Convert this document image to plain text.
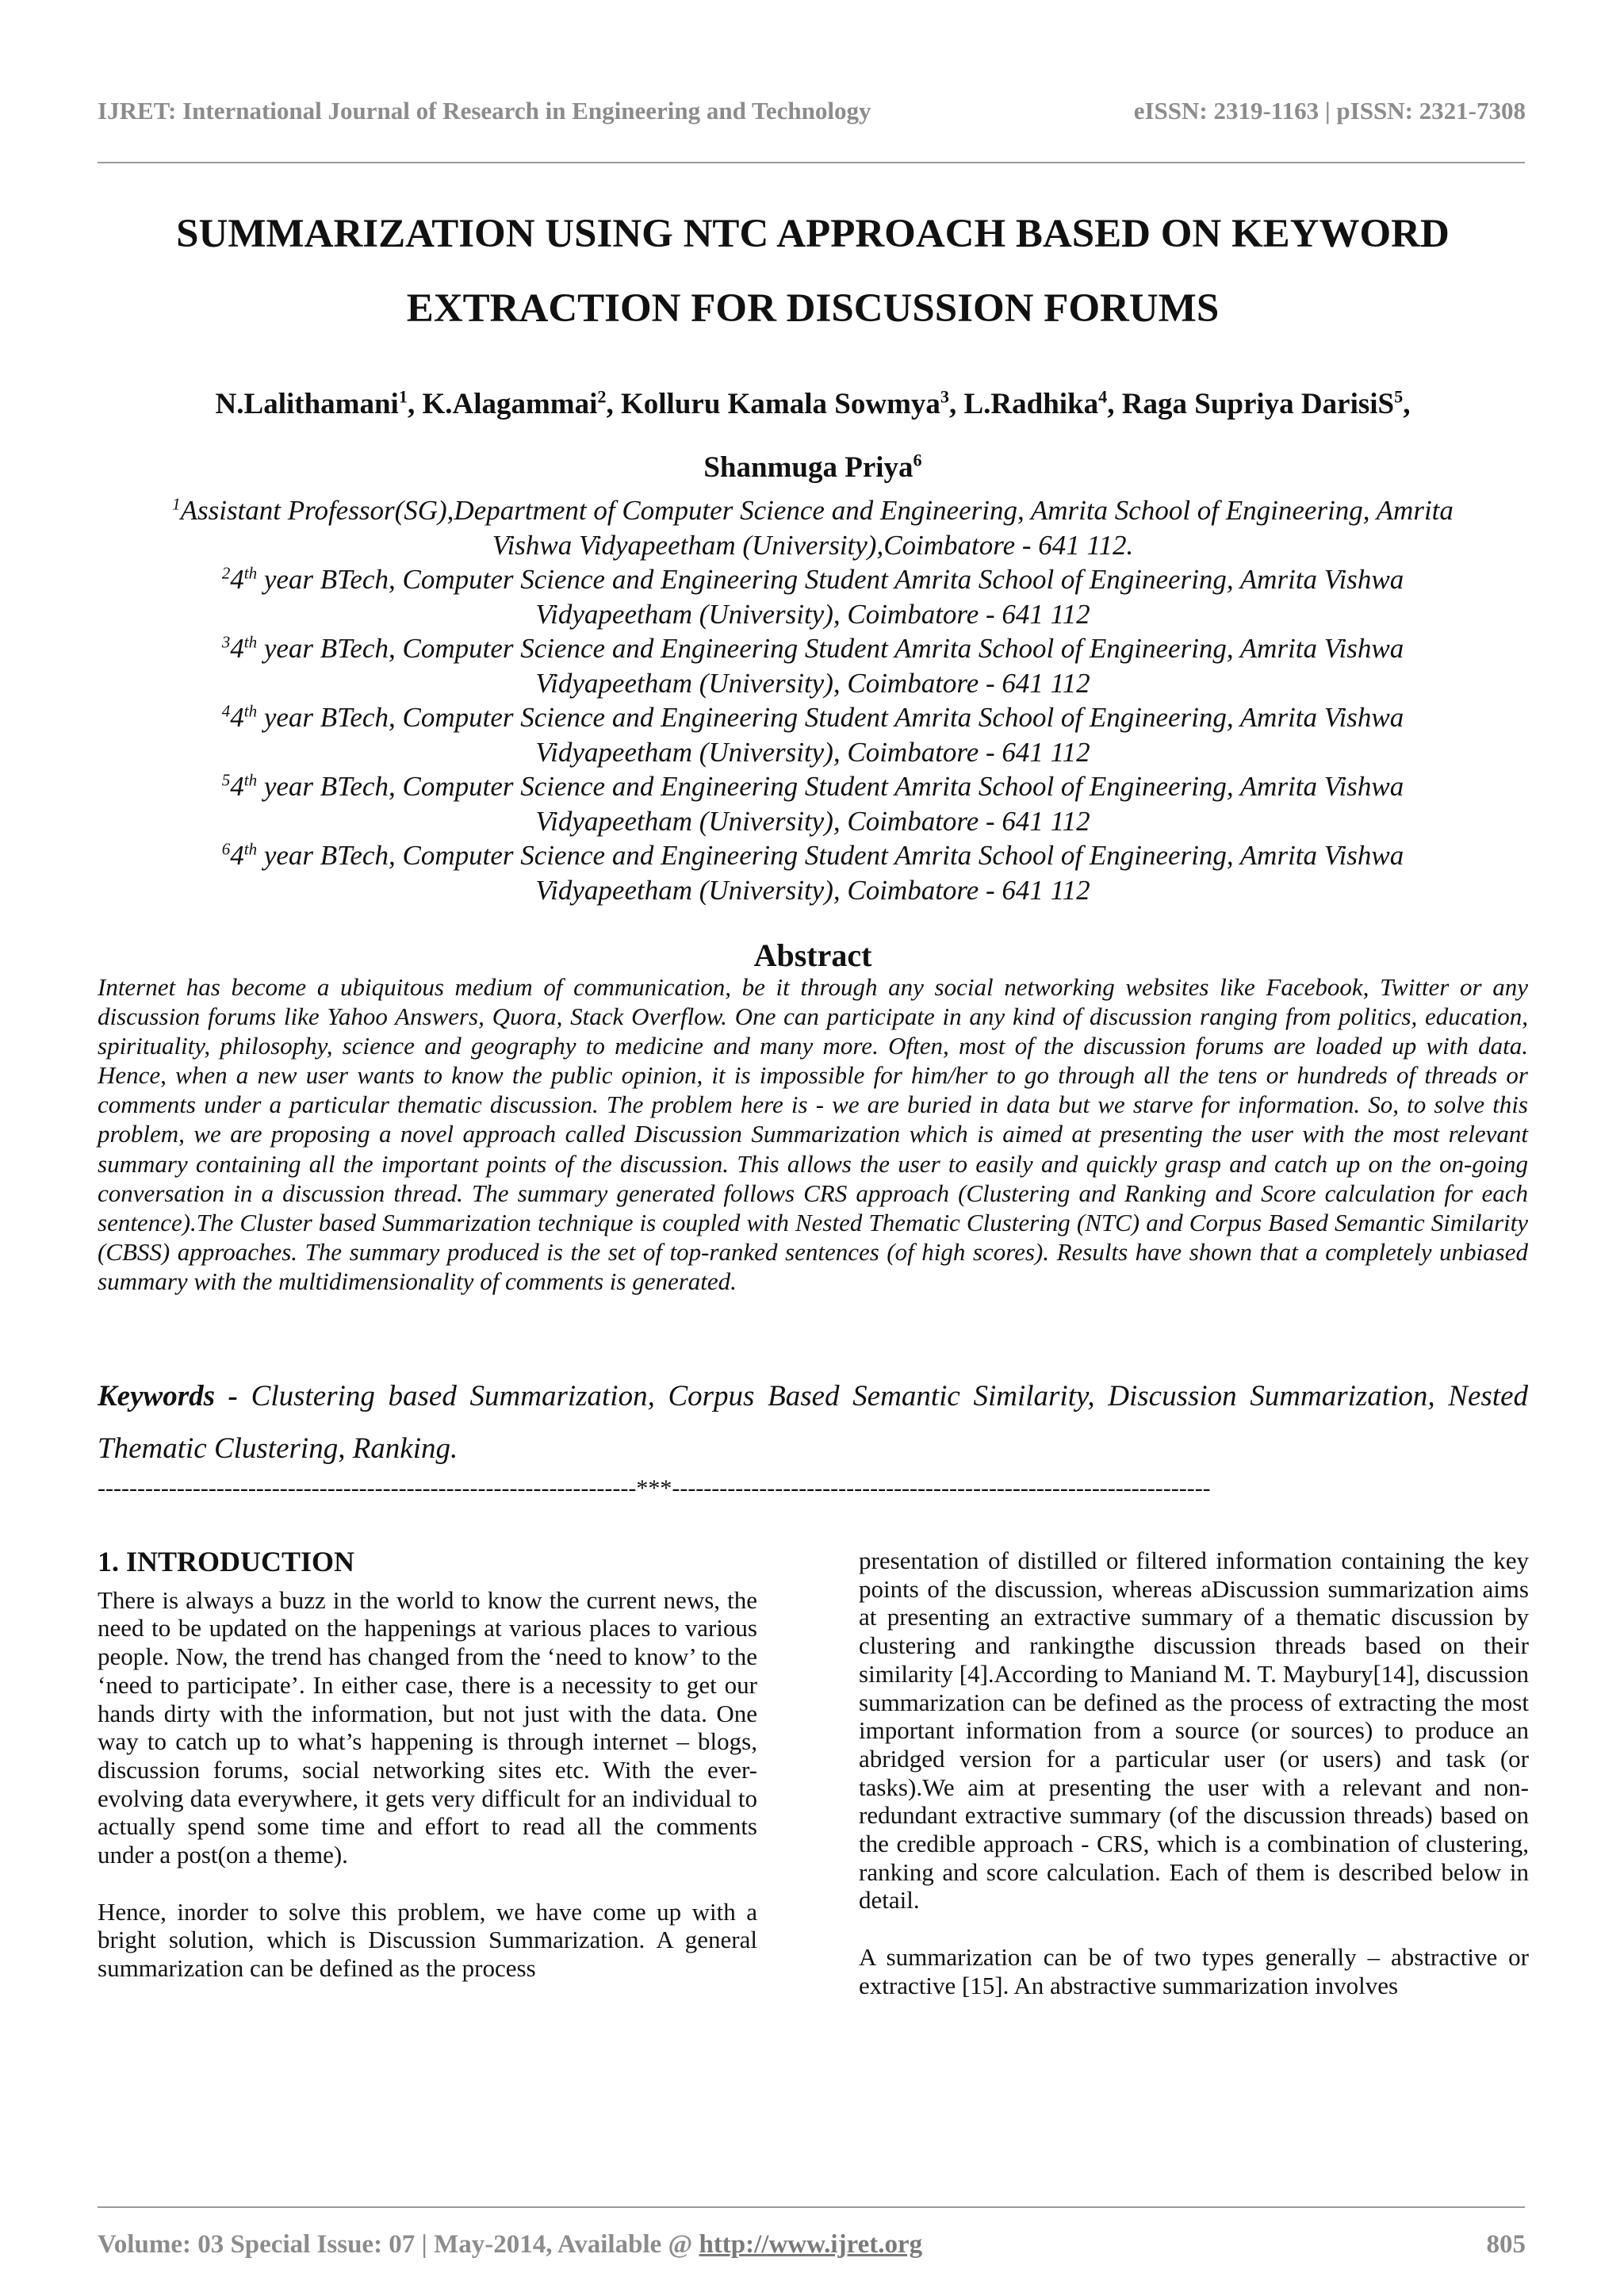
IJRET: International Journal of Research in Engineering and Technology	eISSN: 2319-1163 | pISSN: 2321-7308
SUMMARIZATION USING NTC APPROACH BASED ON KEYWORD
EXTRACTION FOR DISCUSSION FORUMS
N.Lalithamani$^1$, K.Alagammai$^2$, Kolluru Kamala Sowmya$^3$, L.Radhika$^4$, Raga Supriya DarisiS$^5$,
Shanmuga Priya$^6$
$^1$Assistant Professor(SG),Department of Computer Science and Engineering, Amrita School of Engineering, Amrita
Vishwa Vidyapeetham (University),Coimbatore - 641 112.
$^2$4th year BTech, Computer Science and Engineering Student Amrita School of Engineering, Amrita Vishwa
Vidyapeetham (University), Coimbatore - 641 112
$^3$4th year BTech, Computer Science and Engineering Student Amrita School of Engineering, Amrita Vishwa
Vidyapeetham (University), Coimbatore - 641 112
$^4$4th year BTech, Computer Science and Engineering Student Amrita School of Engineering, Amrita Vishwa
Vidyapeetham (University), Coimbatore - 641 112
$^5$4th year BTech, Computer Science and Engineering Student Amrita School of Engineering, Amrita Vishwa
Vidyapeetham (University), Coimbatore - 641 112
$^6$4th year BTech, Computer Science and Engineering Student Amrita School of Engineering, Amrita Vishwa
Vidyapeetham (University), Coimbatore - 641 112
Abstract
Internet has become a ubiquitous medium of communication, be it through any social networking websites like Facebook, Twitter or any discussion forums like Yahoo Answers, Quora, Stack Overflow. One can participate in any kind of discussion ranging from politics, education, spirituality, philosophy, science and geography to medicine and many more. Often, most of the discussion forums are loaded up with data. Hence, when a new user wants to know the public opinion, it is impossible for him/her to go through all the tens or hundreds of threads or comments under a particular thematic discussion. The problem here is - we are buried in data but we starve for information. So, to solve this problem, we are proposing a novel approach called Discussion Summarization which is aimed at presenting the user with the most relevant summary containing all the important points of the discussion. This allows the user to easily and quickly grasp and catch up on the on-going conversation in a discussion thread. The summary generated follows CRS approach (Clustering and Ranking and Score calculation for each sentence).The Cluster based Summarization technique is coupled with Nested Thematic Clustering (NTC) and Corpus Based Semantic Similarity (CBSS) approaches. The summary produced is the set of top-ranked sentences (of high scores). Results have shown that a completely unbiased summary with the multidimensionality of comments is generated.
Keywords - Clustering based Summarization, Corpus Based Semantic Similarity, Discussion Summarization, Nested Thematic Clustering, Ranking.
--------------------------------------------------------------------***--------------------------------------------------------------------
1. INTRODUCTION

There is always a buzz in the world to know the current news, the need to be updated on the happenings at various places to various people. Now, the trend has changed from the ‘need to know’ to the ‘need to participate’. In either case, there is a necessity to get our hands dirty with the information, but not just with the data. One way to catch up to what’s happening is through internet – blogs, discussion forums, social networking sites etc. With the ever-evolving data everywhere, it gets very difficult for an individual to actually spend some time and effort to read all the comments under a post(on a theme).

Hence, inorder to solve this problem, we have come up with a bright solution, which is Discussion Summarization. A general summarization can be defined as the process

presentation of distilled or filtered information containing the key points of the discussion, whereas aDiscussion summarization aims at presenting an extractive summary of a thematic discussion by clustering and rankingthe discussion threads based on their similarity [4].According to Maniand M. T. Maybury[14], discussion summarization can be defined as the process of extracting the most important information from a source (or sources) to produce an abridged version for a particular user (or users) and task (or tasks).We aim at presenting the user with a relevant and non-redundant extractive summary (of the discussion threads) based on the credible approach - CRS, which is a combination of clustering, ranking and score calculation. Each of them is described below in detail.

A summarization can be of two types generally – abstractive or extractive [15]. An abstractive summarization involves

Volume: 03 Special Issue: 07 | May-2014, Available @ http://www.ijret.org	805
